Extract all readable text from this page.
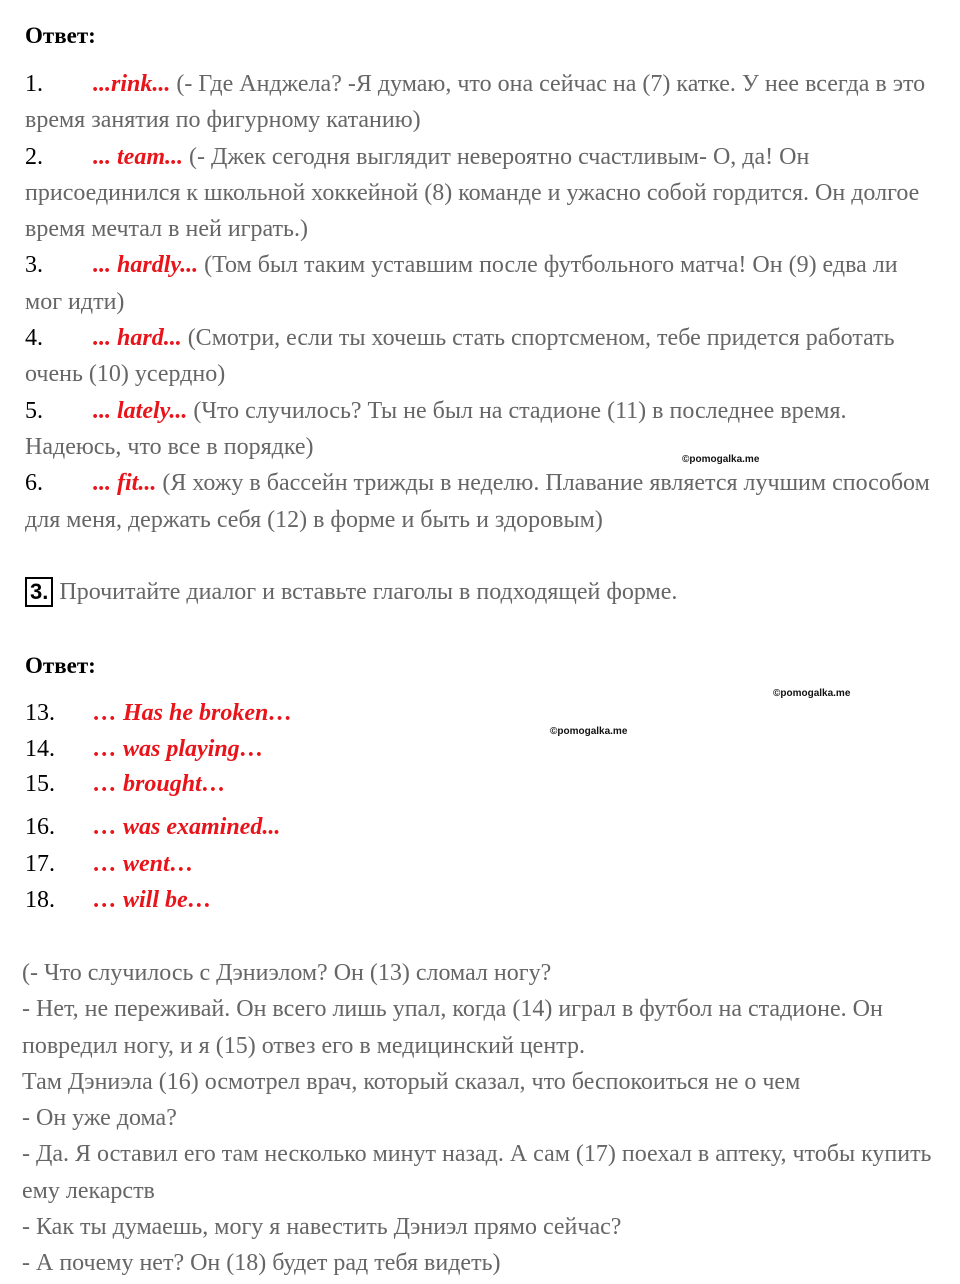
Ответ:

1. ...rink... (- Где Анджела? -Я думаю, что она сейчас на (7) катке. У нее всегда в это время занятия по фигурному катанию)

2. ... team... (- Джек сегодня выглядит невероятно счастливым- О, да! Он присоединился к школьной хоккейной (8) команде и ужасно собой гордится. Он долгое время мечтал в ней играть.)

3. ... hardly... (Том был таким уставшим после футбольного матча! Он (9) едва ли мог идти)

4. ... hard... (Смотри, если ты хочешь стать спортсменом, тебе придется работать очень (10) усердно)

5. ... lately... (Что случилось? Ты не был на стадионе (11) в последнее время. Надеюсь, что все в порядке)

6. ... fit... (Я хожу в бассейн трижды в неделю. Плавание является лучшим способом для меня, держать себя (12) в форме и быть и здоровым)

©pomogalka.me
3. Прочитайте диалог и вставьте глаголы в подходящей форме.
Ответ:
©pomogalka.me
©pomogalka.me
13. … Has he broken…
14. … was playing…
15. … brought…
16. … was examined...
17. … went…
18. … will be…

(- Что случилось с Дэниэлом? Он (13) сломал ногу?

- Нет, не переживай. Он всего лишь упал, когда (14) играл в футбол на стадионе. Он повредил ногу, и я (15) отвез его в медицинский центр.

Там Дэниэла (16) осмотрел врач, который сказал, что беспокоиться не о чем

- Он уже дома?

- Да. Я оставил его там несколько минут назад. А сам (17) поехал в аптеку, чтобы купить ему лекарств

- Как ты думаешь, могу я навестить Дэниэл прямо сейчас?

- А почему нет? Он (18) будет рад тебя видеть)
